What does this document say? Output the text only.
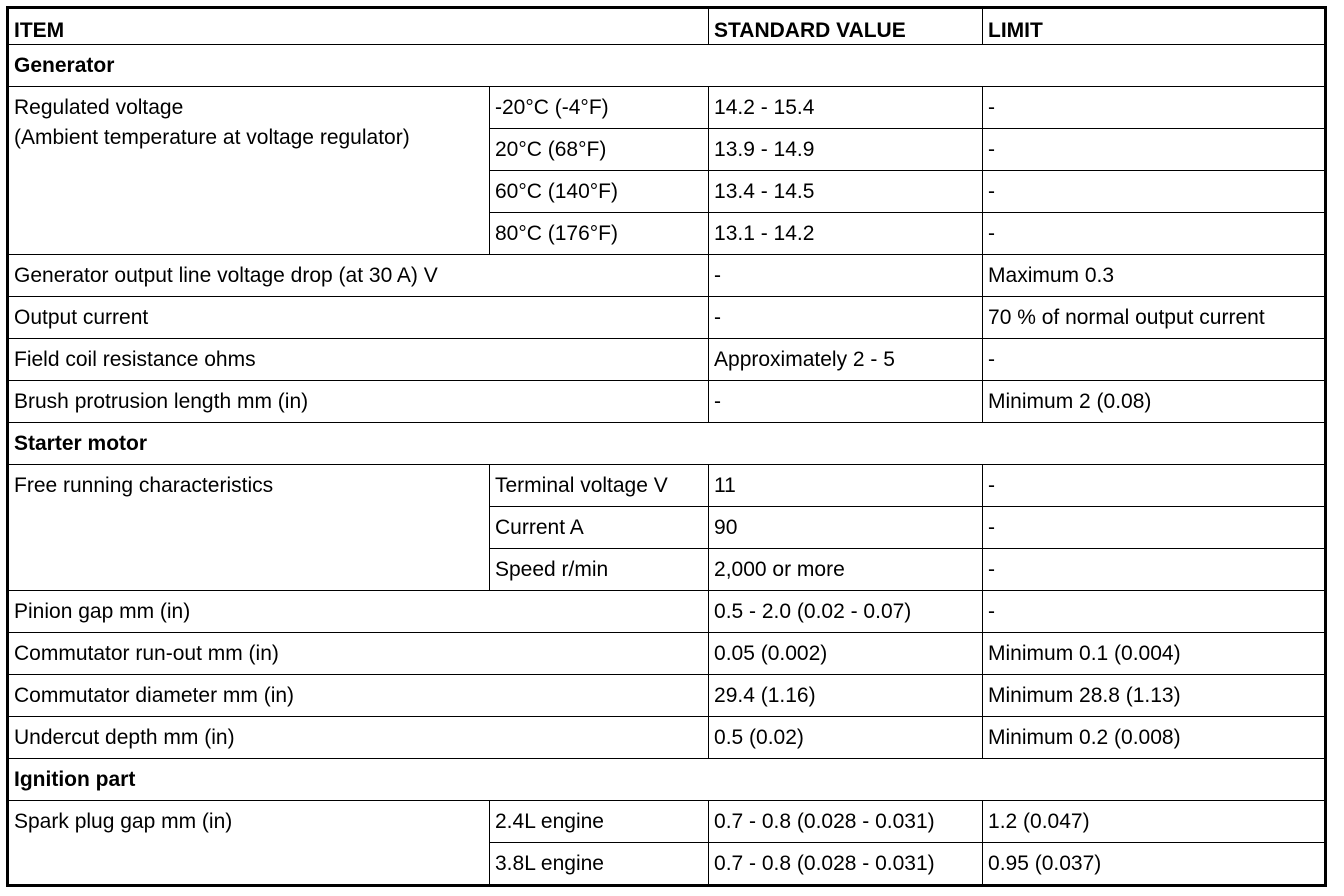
ITEM		STANDARD VALUE	LIMIT
Generator			
Regulated voltage
(Ambient temperature at voltage regulator)	-20°C (-4°F)	14.2 - 15.4	-
	20°C (68°F)	13.9 - 14.9	-
	60°C (140°F)	13.4 - 14.5	-
	80°C (176°F)	13.1 - 14.2	-
Generator output line voltage drop (at 30 A) V		-	Maximum 0.3
Output current		-	70 % of normal output current
Field coil resistance ohms		Approximately 2 - 5	-
Brush protrusion length mm (in)		-	Minimum 2 (0.08)
Starter motor			
Free running characteristics	Terminal voltage V	11	-
	Current A	90	-
	Speed r/min	2,000 or more	-
Pinion gap mm (in)		0.5 - 2.0 (0.02 - 0.07)	-
Commutator run-out mm (in)		0.05 (0.002)	Minimum 0.1 (0.004)
Commutator diameter mm (in)		29.4 (1.16)	Minimum 28.8 (1.13)
Undercut depth mm (in)		0.5 (0.02)	Minimum 0.2 (0.008)
Ignition part			
Spark plug gap mm (in)	2.4L engine	0.7 - 0.8 (0.028 - 0.031)	1.2 (0.047)
	3.8L engine	0.7 - 0.8 (0.028 - 0.031)	0.95 (0.037)
